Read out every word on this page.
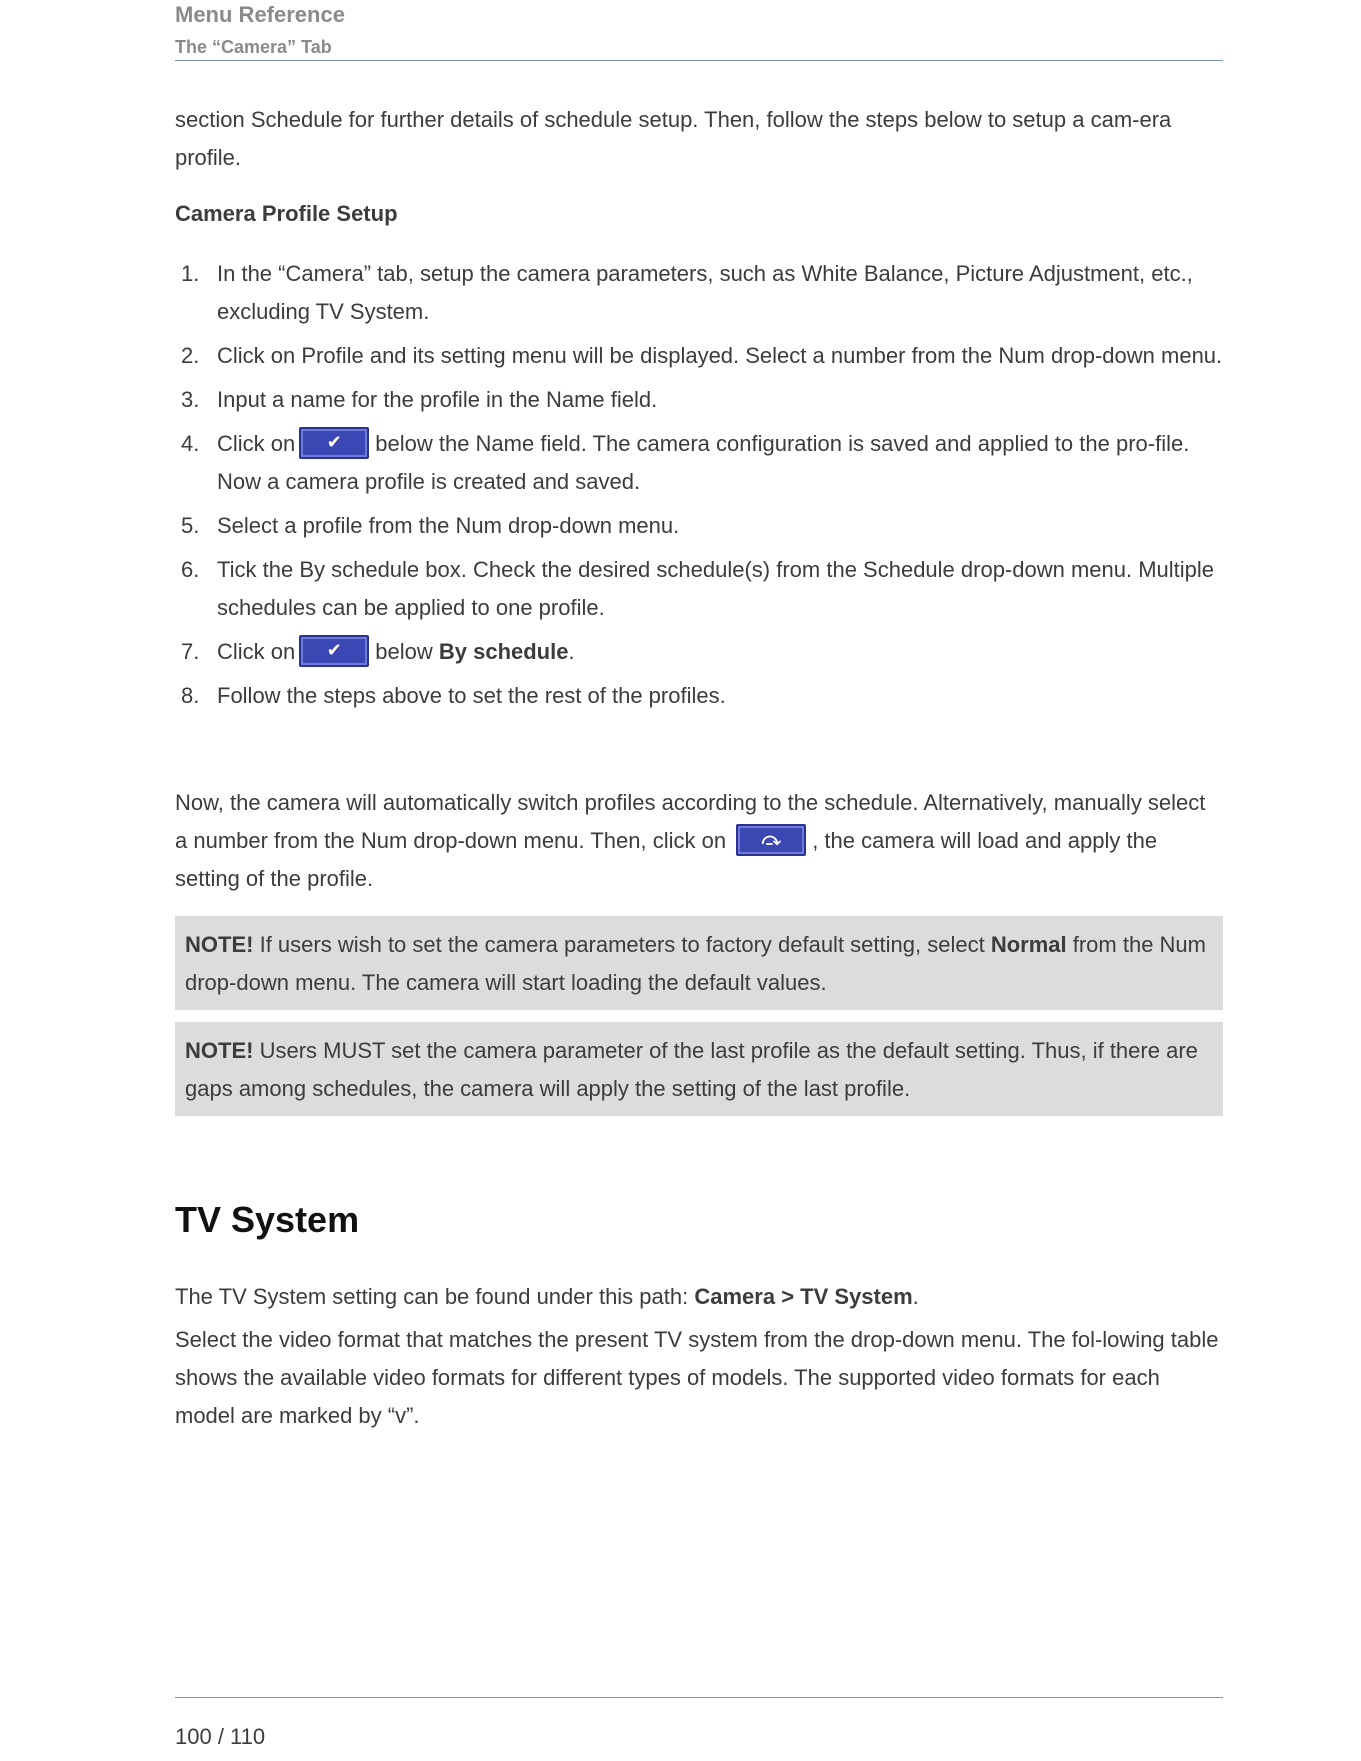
Menu Reference
The “Camera” Tab
section Schedule for further details of schedule setup. Then, follow the steps below to setup a cam-era profile.
Camera Profile Setup
1. In the “Camera” tab, setup the camera parameters, such as White Balance, Picture Adjustment, etc., excluding TV System.
2. Click on Profile and its setting menu will be displayed. Select a number from the Num drop-down menu.
3. Input a name for the profile in the Name field.
4. Click on	✔	below the Name field. The camera configuration is saved and applied to the pro-file. Now a camera profile is created and saved.
5. Select a profile from the Num drop-down menu.
6. Tick the By schedule box. Check the desired schedule(s) from the Schedule drop-down menu. Multiple schedules can be applied to one profile.
7. Click on	✔	below By schedule.
8. Follow the steps above to set the rest of the profiles.
Now, the camera will automatically switch profiles according to the schedule. Alternatively, manually select a number from the Num drop-down menu. Then, click on	⤼	, the camera will load and apply the setting of the profile.
NOTE! If users wish to set the camera parameters to factory default setting, select Normal from the Num drop-down menu. The camera will start loading the default values.
NOTE! Users MUST set the camera parameter of the last profile as the default setting. Thus, if there are gaps among schedules, the camera will apply the setting of the last profile.
TV System
The TV System setting can be found under this path: Camera > TV System.
Select the video format that matches the present TV system from the drop-down menu. The fol-lowing table shows the available video formats for different types of models. The supported video formats for each model are marked by “v”.
100 / 110
